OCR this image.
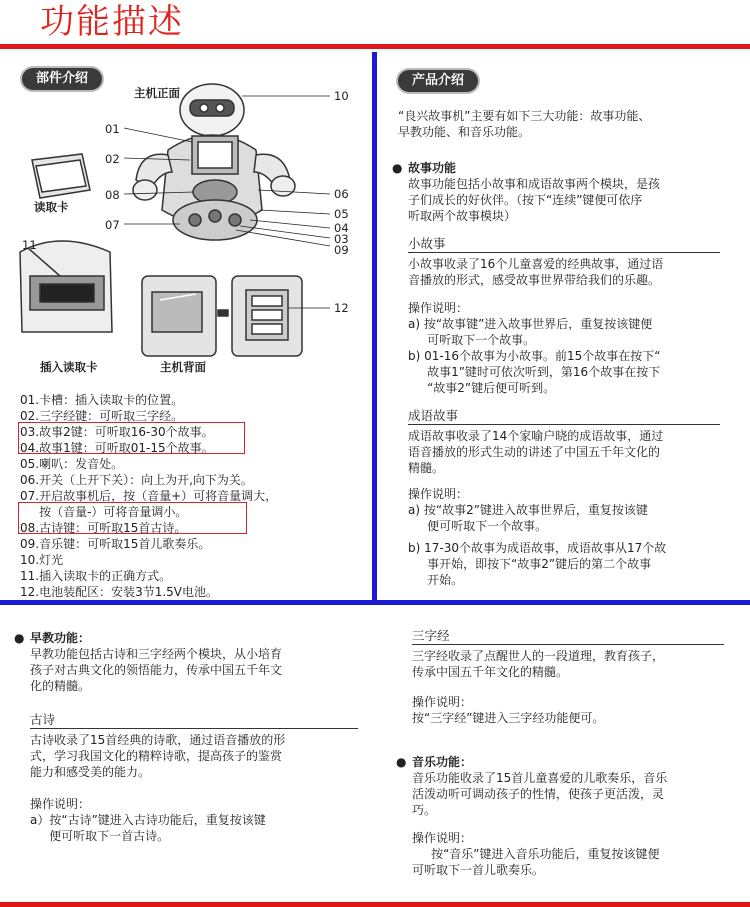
功能描述
部件介绍
主机正面
读取卡
插入读取卡	主机背面
01
02
08
07
10
06
05
04
03
09
11
12
01.卡槽：插入读取卡的位置。
02.三字经键：可听取三字经。
03.故事2键：可听取16-30个故事。
04.故事1键：可听取01-15个故事。
05.喇叭：发音处。
06.开关（上开下关）：向上为开,向下为关。
07.开启故事机后，按（音量+）可将音量调大，
按（音量-）可将音量调小。
08.古诗键：可听取15首古诗。
09.音乐键：可听取15首儿歌奏乐。
10.灯光
11.插入读取卡的正确方式。
12.电池装配区：安装3节1.5V电池。
产品介绍
“良兴故事机”主要有如下三大功能：故事功能、
早教功能、和音乐功能。
● 故事功能
故事功能包括小故事和成语故事两个模块，是孩
子们成长的好伙伴。（按下“连续”键便可依序
听取两个故事模块）
小故事
小故事收录了16个儿童喜爱的经典故事，通过语
音播放的形式，感受故事世界带给我们的乐趣。
操作说明：
a) 按“故事键”进入故事世界后，重复按该键便
可听取下一个故事。
b) 01-16个故事为小故事。前15个故事在按下“
故事1”键时可依次听到，第16个故事在按下
“故事2”键后便可听到。
成语故事
成语故事收录了14个家喻户晓的成语故事，通过
语音播放的形式生动的讲述了中国五千年文化的
精髓。
操作说明：
a) 按“故事2”键进入故事世界后，重复按该键
便可听取下一个故事。
b) 17-30个故事为成语故事，成语故事从17个故
事开始，即按下“故事2”键后的第二个故事
开始。
● 早教功能：
早教功能包括古诗和三字经两个模块，从小培育
孩子对古典文化的领悟能力，传承中国五千年文
化的精髓。
古诗
古诗收录了15首经典的诗歌，通过语音播放的形
式，学习我国文化的精粹诗歌，提高孩子的鉴赏
能力和感受美的能力。
操作说明：
a）按“古诗”键进入古诗功能后，重复按该键
便可听取下一首古诗。
三字经
三字经收录了点醒世人的一段道理，教育孩子，
传承中国五千年文化的精髓。
操作说明：
按“三字经”键进入三字经功能便可。
● 音乐功能：
音乐功能收录了15首儿童喜爱的儿歌奏乐，音乐
活泼动听可调动孩子的性情，使孩子更活泼，灵
巧。
操作说明：
按“音乐”键进入音乐功能后，重复按该键便
可听取下一首儿歌奏乐。
